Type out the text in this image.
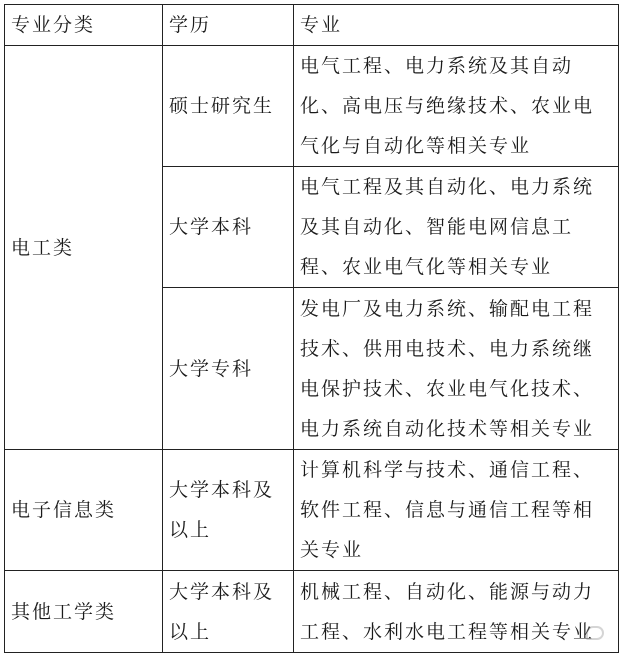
专业分类	学历	专业
电工类	硕士研究生	电气工程、电力系统及其自动化、高电压与绝缘技术、农业电气化与自动化等相关专业
	大学本科	电气工程及其自动化、电力系统及其自动化、智能电网信息工程、农业电气化等相关专业
	大学专科	发电厂及电力系统、输配电工程技术、供用电技术、电力系统继电保护技术、农业电气化技术、电力系统自动化技术等相关专业
电子信息类	大学本科及以上	计算机科学与技术、通信工程、软件工程、信息与通信工程等相关专业
其他工学类	大学本科及以上	机械工程、自动化、能源与动力工程、水利水电工程等相关专业
